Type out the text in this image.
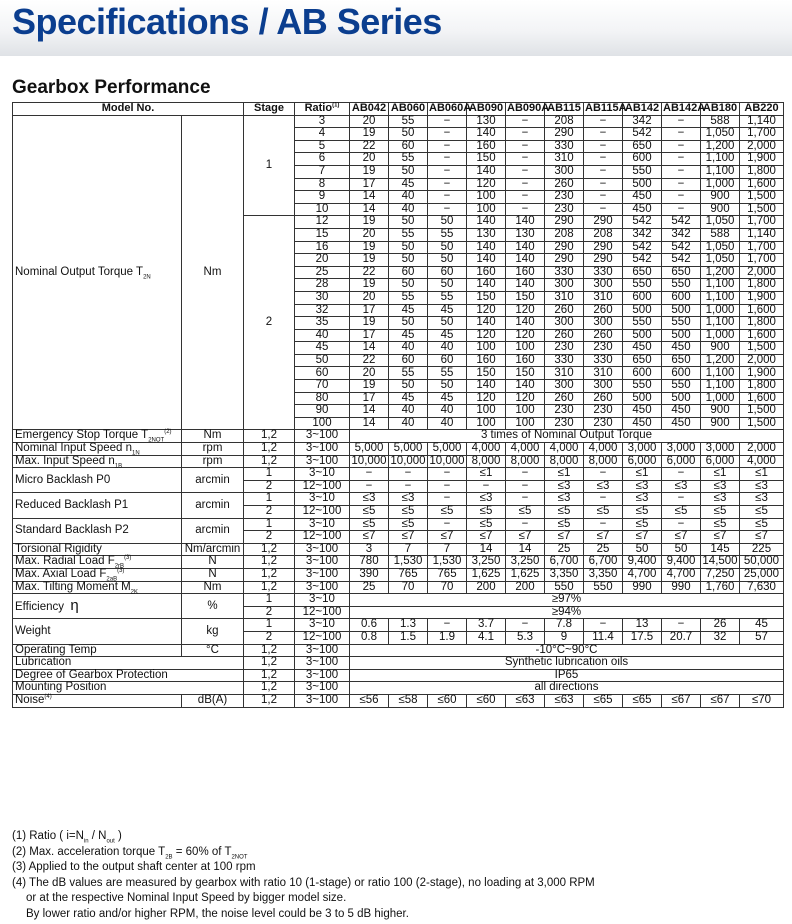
Specifications / AB Series
Gearbox Performance
Model No.		Stage	Ratio$^{(1)}$	AB042	AB060	AB060A	AB090	AB090A	AB115	AB115A	AB142	AB142A	AB180	AB220
Nominal Output Torque $T_{2N}$	Nm	1	3	20	55	−	130	−	208	−	342	−	588	1,140
			4	19	50	−	140	−	290	−	542	−	1,050	1,700
			5	22	60	−	160	−	330	−	650	−	1,200	2,000
			6	20	55	−	150	−	310	−	600	−	1,100	1,900
			7	19	50	−	140	−	300	−	550	−	1,100	1,800
			8	17	45	−	120	−	260	−	500	−	1,000	1,600
			9	14	40	−	100	−	230	−	450	−	900	1,500
			10	14	40	−	100	−	230	−	450	−	900	1,500
		2	12	19	50	50	140	140	290	290	542	542	1,050	1,700
			15	20	55	55	130	130	208	208	342	342	588	1,140
			16	19	50	50	140	140	290	290	542	542	1,050	1,700
			20	19	50	50	140	140	290	290	542	542	1,050	1,700
			25	22	60	60	160	160	330	330	650	650	1,200	2,000
			28	19	50	50	140	140	300	300	550	550	1,100	1,800
			30	20	55	55	150	150	310	310	600	600	1,100	1,900
			32	17	45	45	120	120	260	260	500	500	1,000	1,600
			35	19	50	50	140	140	300	300	550	550	1,100	1,800
			40	17	45	45	120	120	260	260	500	500	1,000	1,600
			45	14	40	40	100	100	230	230	450	450	900	1,500
			50	22	60	60	160	160	330	330	650	650	1,200	2,000
			60	20	55	55	150	150	310	310	600	600	1,100	1,900
			70	19	50	50	140	140	300	300	550	550	1,100	1,800
			80	17	45	45	120	120	260	260	500	500	1,000	1,600
			90	14	40	40	100	100	230	230	450	450	900	1,500
			100	14	40	40	100	100	230	230	450	450	900	1,500
Emergency Stop Torque $T_{2NOT}^{(2)}$	Nm	1,2	3~100	3 times of Nominal Output Torque										
Nominal Input Speed $n_{1N}$	rpm	1,2	3~100	5,000	5,000	5,000	4,000	4,000	4,000	4,000	3,000	3,000	3,000	2,000
Max. Input Speed $n_{1B}$	rpm	1,2	3~100	10,000	10,000	10,000	8,000	8,000	8,000	8,000	6,000	6,000	6,000	4,000
Micro Backlash P0	arcmin	1	3~10	−	−	−	≤1	−	≤1	−	≤1	−	≤1	≤1
		2	12~100	−	−	−	−	−	≤3	≤3	≤3	≤3	≤3	≤3
Reduced Backlash P1	arcmin	1	3~10	≤3	≤3	−	≤3	−	≤3	−	≤3	−	≤3	≤3
		2	12~100	≤5	≤5	≤5	≤5	≤5	≤5	≤5	≤5	≤5	≤5	≤5
Standard Backlash P2	arcmin	1	3~10	≤5	≤5	−	≤5	−	≤5	−	≤5	−	≤5	≤5
		2	12~100	≤7	≤7	≤7	≤7	≤7	≤7	≤7	≤7	≤7	≤7	≤7
Torsional Rigidity	Nm/arcmin	1,2	3~100	3	7	7	14	14	25	25	50	50	145	225
Max. Radial Load $F_{2rB}^{(3)}$	N	1,2	3~100	780	1,530	1,530	3,250	3,250	6,700	6,700	9,400	9,400	14,500	50,000
Max. Axial Load $F_{2aB}^{(3)}$	N	1,2	3~100	390	765	765	1,625	1,625	3,350	3,350	4,700	4,700	7,250	25,000
Max. Tilting Moment $M_{2K}$	Nm	1,2	3~100	25	70	70	200	200	550	550	990	990	1,760	7,630
Efficiency η	%	1	3~10	≥97%										
		2	12~100	≥94%										
Weight	kg	1	3~10	0.6	1.3	−	3.7	−	7.8	−	13	−	26	45
		2	12~100	0.8	1.5	1.9	4.1	5.3	9	11.4	17.5	20.7	32	57
Operating Temp	°C	1,2	3~100	-10°C~90°C										
Lubrication		1,2	3~100	Synthetic lubrication oils										
Degree of Gearbox Protection		1,2	3~100	IP65										
Mounting Position		1,2	3~100	all directions										
Noise$^{(4)}$	dB(A)	1,2	3~100	≤56	≤58	≤60	≤60	≤63	≤63	≤65	≤65	≤67	≤67	≤70
(1) Ratio ( $i=N_{in} / N_{out}$ )
(2) Max. acceleration torque $T_{2B} = 60\%$ of $T_{2NOT}$
(3) Applied to the output shaft center at 100 rpm
(4) The dB values are measured by gearbox with ratio 10 (1-stage) or ratio 100 (2-stage), no loading at 3,000 RPM
or at the respective Nominal Input Speed by bigger model size.
By lower ratio and/or higher RPM, the noise level could be 3 to 5 dB higher.
